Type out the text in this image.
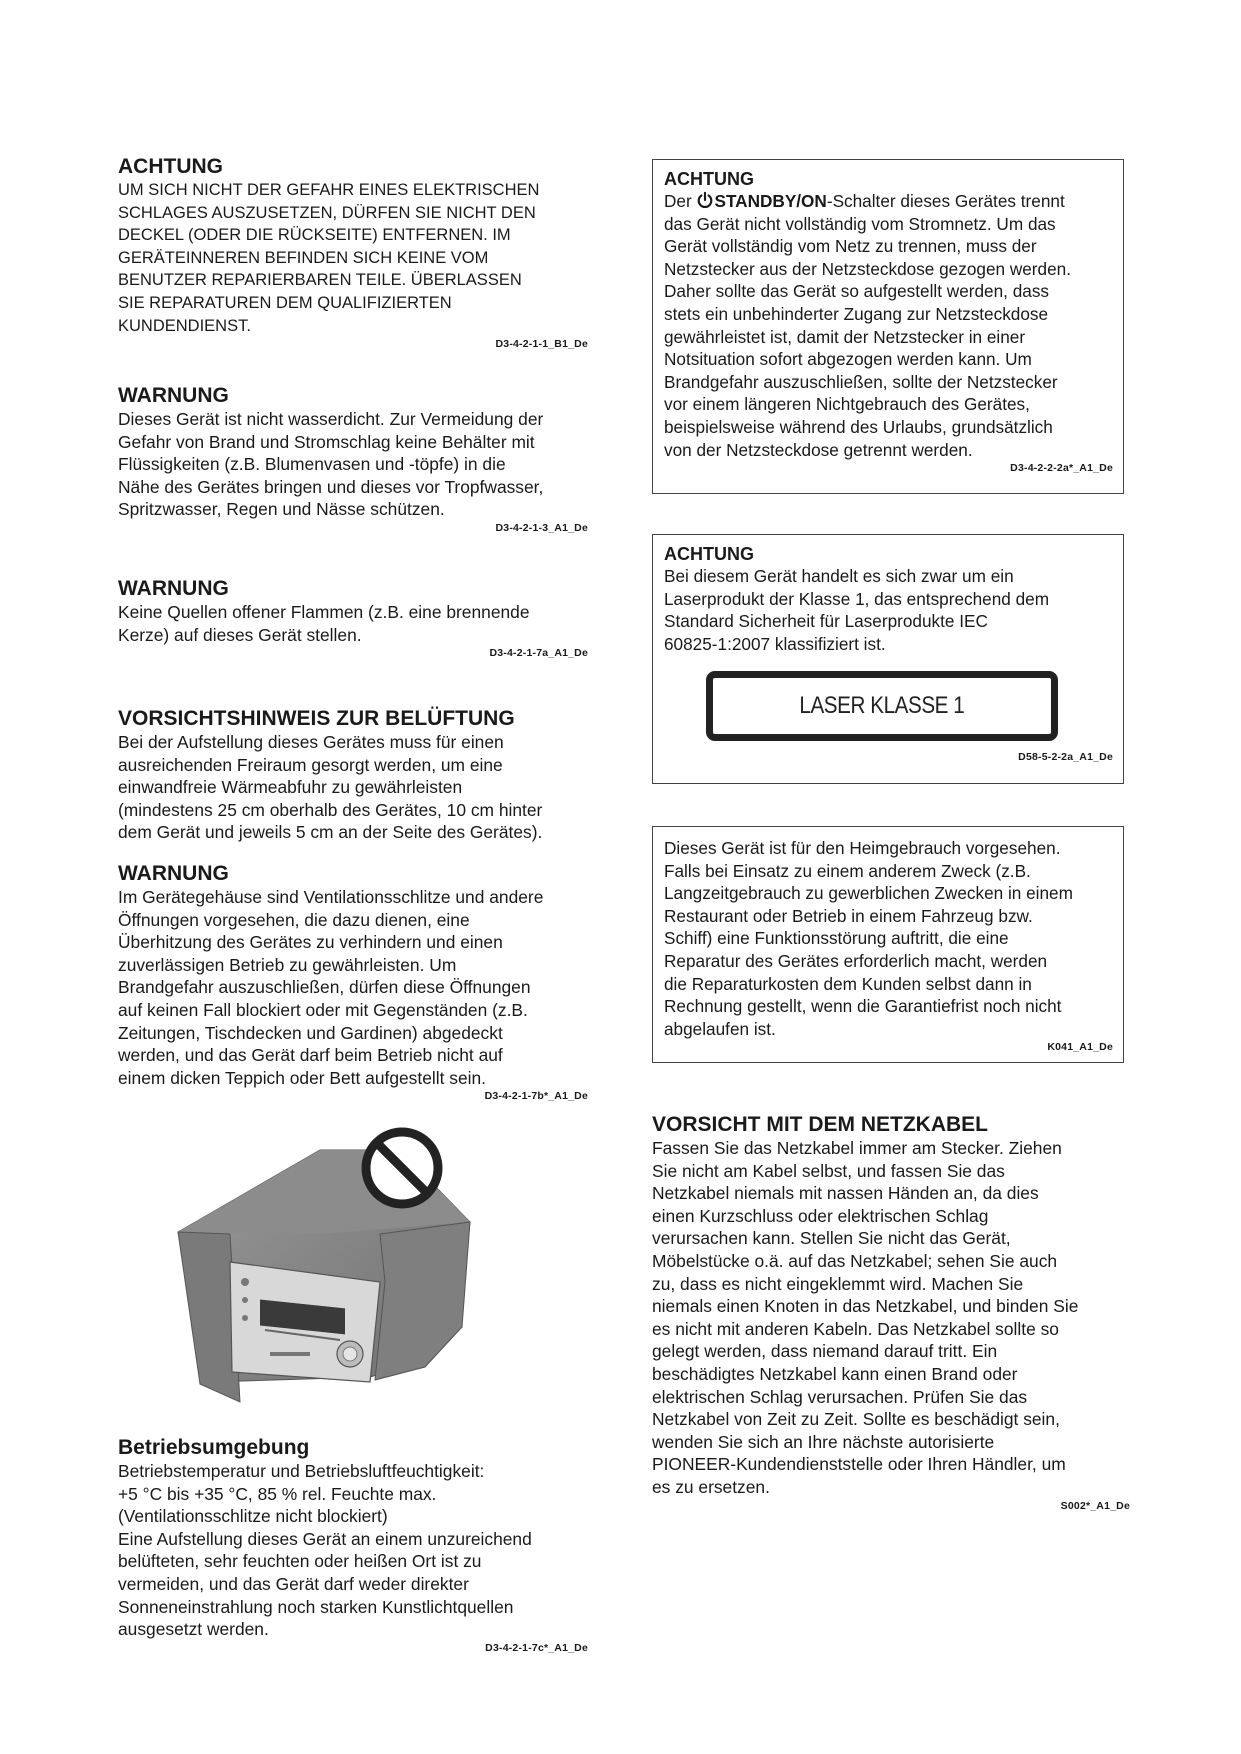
ACHTUNG

UM SICH NICHT DER GEFAHR EINES ELEKTRISCHEN
SCHLAGES AUSZUSETZEN, DÜRFEN SIE NICHT DEN
DECKEL (ODER DIE RÜCKSEITE) ENTFERNEN. IM
GERÄTEINNEREN BEFINDEN SICH KEINE VOM
BENUTZER REPARIERBAREN TEILE. ÜBERLASSEN
SIE REPARATUREN DEM QUALIFIZIERTEN
KUNDENDIENST.

D3-4-2-1-1_B1_De
WARNUNG

Dieses Gerät ist nicht wasserdicht. Zur Vermeidung der
Gefahr von Brand und Stromschlag keine Behälter mit
Flüssigkeiten (z.B. Blumenvasen und -töpfe) in die
Nähe des Gerätes bringen und dieses vor Tropfwasser,
Spritzwasser, Regen und Nässe schützen.

D3-4-2-1-3_A1_De
WARNUNG

Keine Quellen offener Flammen (z.B. eine brennende
Kerze) auf dieses Gerät stellen.

D3-4-2-1-7a_A1_De
VORSICHTSHINWEIS ZUR BELÜFTUNG

Bei der Aufstellung dieses Gerätes muss für einen
ausreichenden Freiraum gesorgt werden, um eine
einwandfreie Wärmeabfuhr zu gewährleisten
(mindestens 25 cm oberhalb des Gerätes, 10 cm hinter
dem Gerät und jeweils 5 cm an der Seite des Gerätes).

WARNUNG

Im Gerätegehäuse sind Ventilationsschlitze und andere
Öffnungen vorgesehen, die dazu dienen, eine
Überhitzung des Gerätes zu verhindern und einen
zuverlässigen Betrieb zu gewährleisten. Um
Brandgefahr auszuschließen, dürfen diese Öffnungen
auf keinen Fall blockiert oder mit Gegenständen (z.B.
Zeitungen, Tischdecken und Gardinen) abgedeckt
werden, und das Gerät darf beim Betrieb nicht auf
einem dicken Teppich oder Bett aufgestellt sein.

D3-4-2-1-7b*_A1_De
Betriebsumgebung

Betriebstemperatur und Betriebsluftfeuchtigkeit:
+5 °C bis +35 °C, 85 % rel. Feuchte max.
(Ventilationsschlitze nicht blockiert)
Eine Aufstellung dieses Gerät an einem unzureichend
belüfteten, sehr feuchten oder heißen Ort ist zu
vermeiden, und das Gerät darf weder direkter
Sonneneinstrahlung noch starken Kunstlichtquellen
ausgesetzt werden.

D3-4-2-1-7c*_A1_De
ACHTUNG

Der STANDBY/ON-Schalter dieses Gerätes trennt
das Gerät nicht vollständig vom Stromnetz. Um das
Gerät vollständig vom Netz zu trennen, muss der
Netzstecker aus der Netzsteckdose gezogen werden.
Daher sollte das Gerät so aufgestellt werden, dass
stets ein unbehinderter Zugang zur Netzsteckdose
gewährleistet ist, damit der Netzstecker in einer
Notsituation sofort abgezogen werden kann. Um
Brandgefahr auszuschließen, sollte der Netzstecker
vor einem längeren Nichtgebrauch des Gerätes,
beispielsweise während des Urlaubs, grundsätzlich
von der Netzsteckdose getrennt werden.

D3-4-2-2-2a*_A1_De
ACHTUNG

Bei diesem Gerät handelt es sich zwar um ein
Laserprodukt der Klasse 1, das entsprechend dem
Standard Sicherheit für Laserprodukte IEC
60825-1:2007 klassifiziert ist.

LASER KLASSE 1
D58-5-2-2a_A1_De

Dieses Gerät ist für den Heimgebrauch vorgesehen.
Falls bei Einsatz zu einem anderem Zweck (z.B.
Langzeitgebrauch zu gewerblichen Zwecken in einem
Restaurant oder Betrieb in einem Fahrzeug bzw.
Schiff) eine Funktionsstörung auftritt, die eine
Reparatur des Gerätes erforderlich macht, werden
die Reparaturkosten dem Kunden selbst dann in
Rechnung gestellt, wenn die Garantiefrist noch nicht
abgelaufen ist.

K041_A1_De
VORSICHT MIT DEM NETZKABEL

Fassen Sie das Netzkabel immer am Stecker. Ziehen
Sie nicht am Kabel selbst, und fassen Sie das
Netzkabel niemals mit nassen Händen an, da dies
einen Kurzschluss oder elektrischen Schlag
verursachen kann. Stellen Sie nicht das Gerät,
Möbelstücke o.ä. auf das Netzkabel; sehen Sie auch
zu, dass es nicht eingeklemmt wird. Machen Sie
niemals einen Knoten in das Netzkabel, und binden Sie
es nicht mit anderen Kabeln. Das Netzkabel sollte so
gelegt werden, dass niemand darauf tritt. Ein
beschädigtes Netzkabel kann einen Brand oder
elektrischen Schlag verursachen. Prüfen Sie das
Netzkabel von Zeit zu Zeit. Sollte es beschädigt sein,
wenden Sie sich an Ihre nächste autorisierte
PIONEER-Kundendienststelle oder Ihren Händler, um
es zu ersetzen.

S002*_A1_De
